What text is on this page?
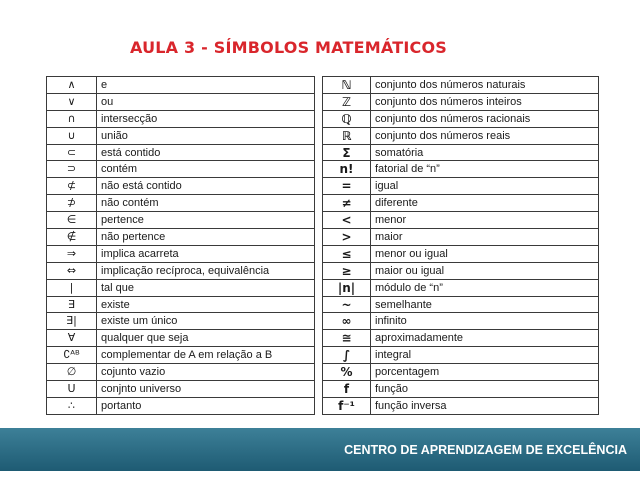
AULA 3 - SÍMBOLOS MATEMÁTICOS
∧	e
∨	ou
∩	intersecção
∪	união
⊂	está contido
⊃	contém
⊄	não está contido
⊅	não contém
∈	pertence
∉	não pertence
⇒	implica acarreta
⇔	implicação recíproca, equivalência
|	tal que
∃	existe
∃|	existe um único
∀	qualquer que seja
∁ᴬᴮ	complementar de A em relação a B
∅	cojunto vazio
U	conjnto universo
∴	portanto
ℕ	conjunto dos números naturais
ℤ	conjunto dos números inteiros
ℚ	conjunto dos números racionais
ℝ	conjunto dos números reais
Σ	somatória
n!	fatorial de “n”
=	igual
≠	diferente
<	menor
>	maior
≤	menor ou igual
≥	maior ou igual
|n|	módulo de “n”
~	semelhante
∞	infinito
≅	aproximadamente
∫	integral
%	porcentagem
f	função
f⁻¹	função inversa
CENTRO DE APRENDIZAGEM DE EXCELÊNCIA
